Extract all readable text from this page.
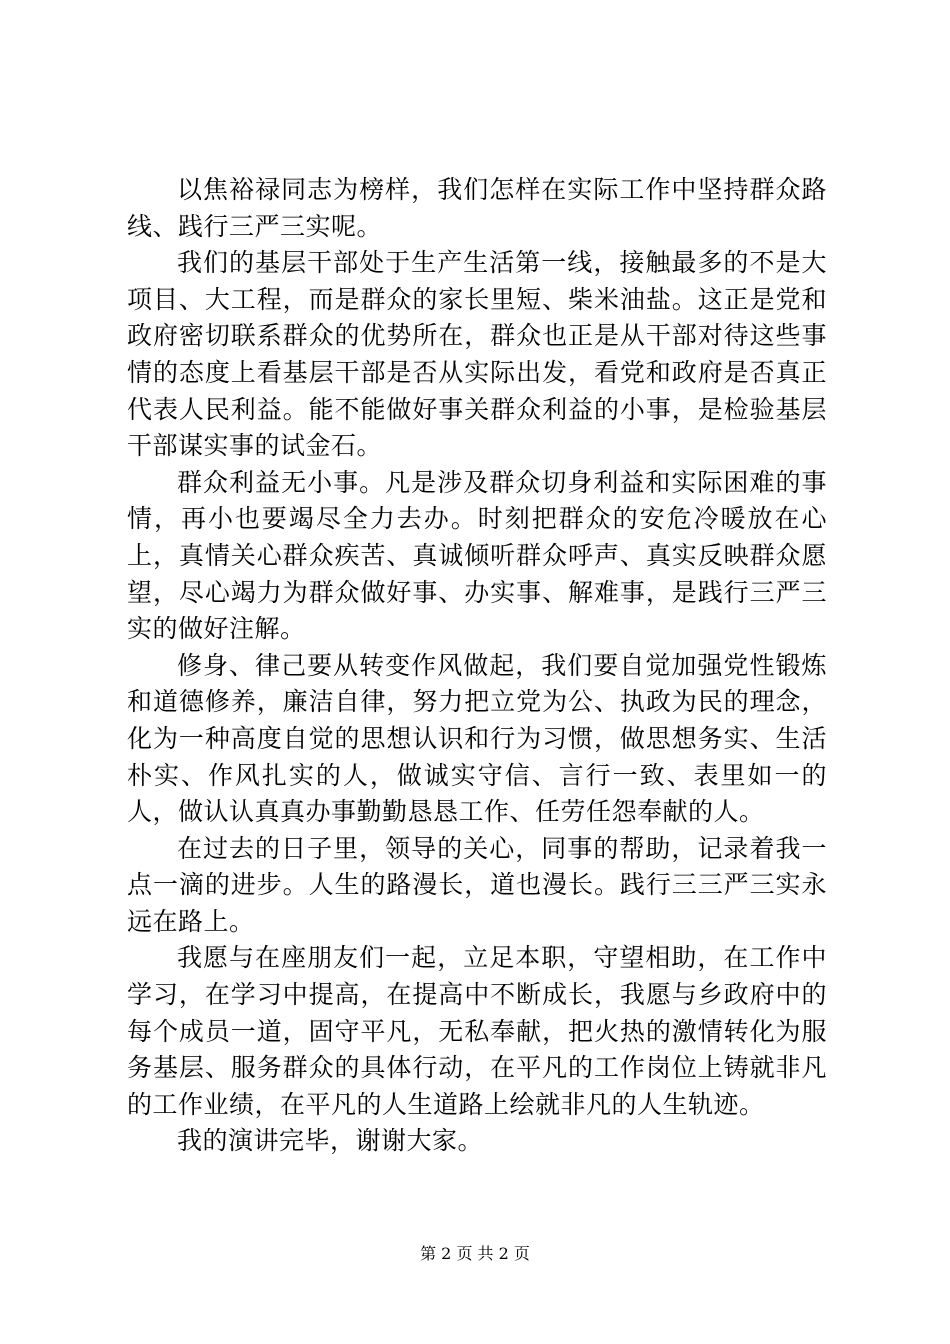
以焦裕禄同志为榜样，我们怎样在实际工作中坚持群众路线、践行三严三实呢。

我们的基层干部处于生产生活第一线，接触最多的不是大项目、大工程，而是群众的家长里短、柴米油盐。这正是党和政府密切联系群众的优势所在，群众也正是从干部对待这些事情的态度上看基层干部是否从实际出发，看党和政府是否真正代表人民利益。能不能做好事关群众利益的小事，是检验基层干部谋实事的试金石。

群众利益无小事。凡是涉及群众切身利益和实际困难的事情，再小也要竭尽全力去办。时刻把群众的安危冷暖放在心上，真情关心群众疾苦、真诚倾听群众呼声、真实反映群众愿望，尽心竭力为群众做好事、办实事、解难事，是践行三严三实的做好注解。

修身、律己要从转变作风做起，我们要自觉加强党性锻炼和道德修养，廉洁自律，努力把立党为公、执政为民的理念，化为一种高度自觉的思想认识和行为习惯，做思想务实、生活朴实、作风扎实的人，做诚实守信、言行一致、表里如一的人，做认认真真办事勤勤恳恳工作、任劳任怨奉献的人。

在过去的日子里，领导的关心，同事的帮助，记录着我一点一滴的进步。人生的路漫长，道也漫长。践行三三严三实永远在路上。

我愿与在座朋友们一起，立足本职，守望相助，在工作中学习，在学习中提高，在提高中不断成长，我愿与乡政府中的每个成员一道，固守平凡，无私奉献，把火热的激情转化为服务基层、服务群众的具体行动，在平凡的工作岗位上铸就非凡的工作业绩，在平凡的人生道路上绘就非凡的人生轨迹。

我的演讲完毕，谢谢大家。

第 2 页 共 2 页
